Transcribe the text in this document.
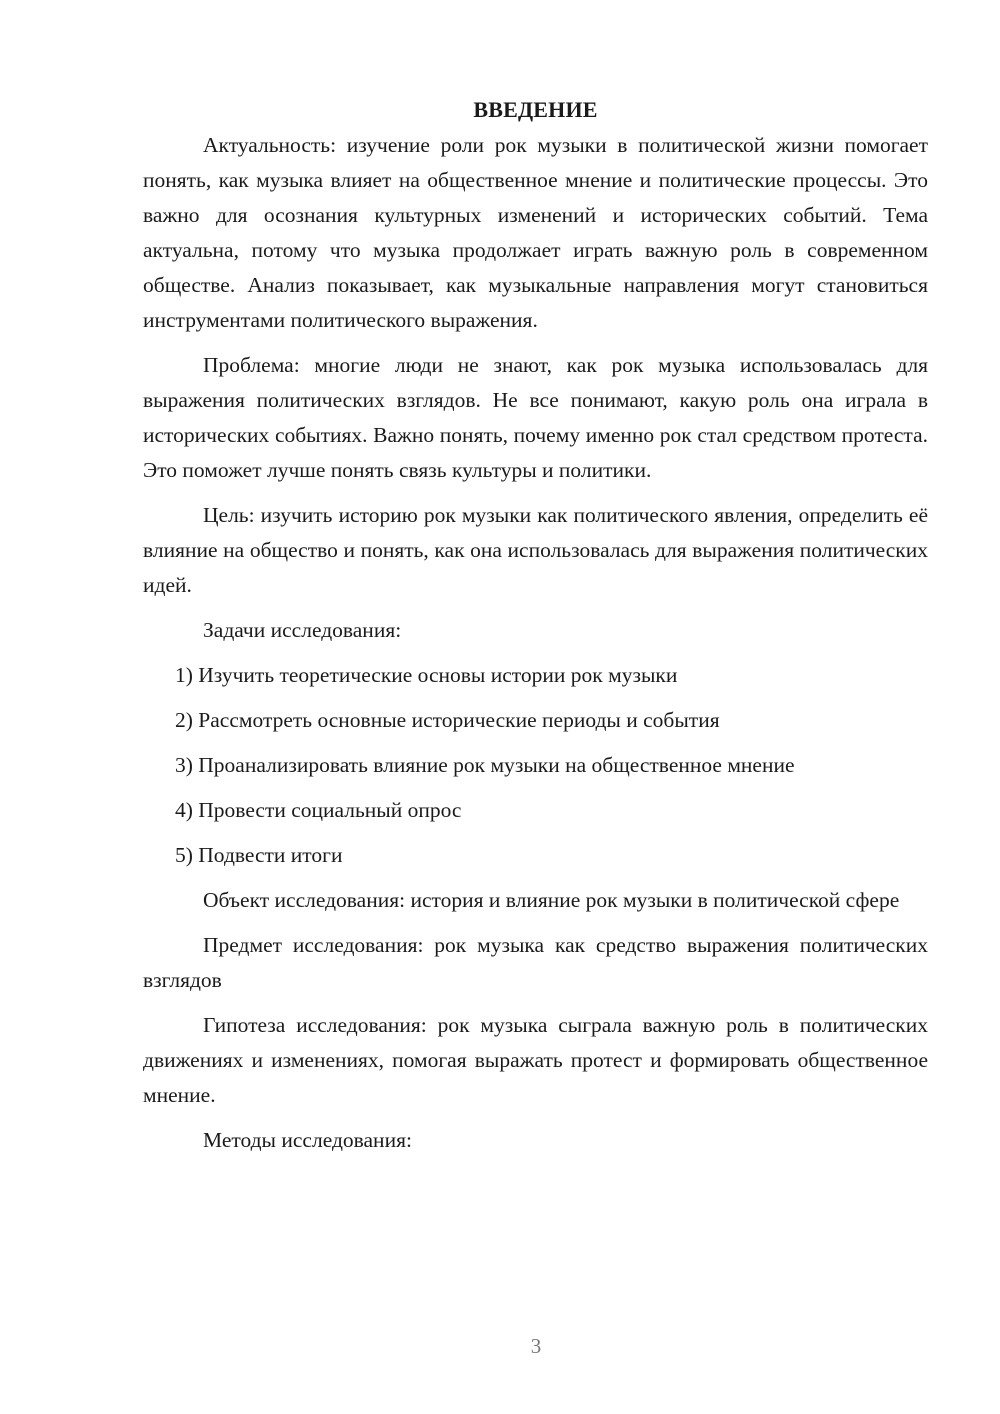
ВВЕДЕНИЕ

Актуальность: изучение роли рок музыки в политической жизни помогает понять, как музыка влияет на общественное мнение и политические процессы. Это важно для осознания культурных изменений и исторических событий. Тема актуальна, потому что музыка продолжает играть важную роль в современном обществе. Анализ показывает, как музыкальные направления могут становиться инструментами политического выражения.

Проблема: многие люди не знают, как рок музыка использовалась для выражения политических взглядов. Не все понимают, какую роль она играла в исторических событиях. Важно понять, почему именно рок стал средством протеста. Это поможет лучше понять связь культуры и политики.

Цель: изучить историю рок музыки как политического явления, определить её влияние на общество и понять, как она использовалась для выражения политических идей.

Задачи исследования:

1) Изучить теоретические основы истории рок музыки

2) Рассмотреть основные исторические периоды и события

3) Проанализировать влияние рок музыки на общественное мнение

4) Провести социальный опрос

5) Подвести итоги

Объект исследования: история и влияние рок музыки в политической сфере

Предмет исследования: рок музыка как средство выражения политических взглядов

Гипотеза исследования: рок музыка сыграла важную роль в политических движениях и изменениях, помогая выражать протест и формировать общественное мнение.

Методы исследования:

3
